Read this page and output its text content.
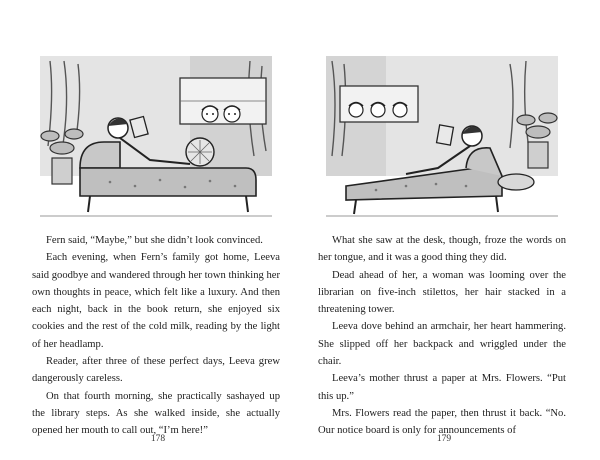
Fern said, “Maybe,” but she didn’t look convinced.

Each evening, when Fern’s family got home, Leeva said goodbye and wandered through her town thinking her own thoughts in peace, which felt like a luxury. And then each night, back in the book return, she enjoyed six cookies and the rest of the cold milk, reading by the light of her headlamp.

Reader, after three of these perfect days, Leeva grew dangerously careless.

On that fourth morning, she practically sashayed up the library steps. As she walked inside, she actually opened her mouth to call out, “I’m here!”

178

What she saw at the desk, though, froze the words on her tongue, and it was a good thing they did.

Dead ahead of her, a woman was looming over the librarian on five-inch stilettos, her hair stacked in a threatening tower.

Leeva dove behind an armchair, her heart hammering. She slipped off her backpack and wriggled under the chair.

Leeva’s mother thrust a paper at Mrs. Flowers. “Put this up.”

Mrs. Flowers read the paper, then thrust it back. “No. Our notice board is only for announcements of

179
